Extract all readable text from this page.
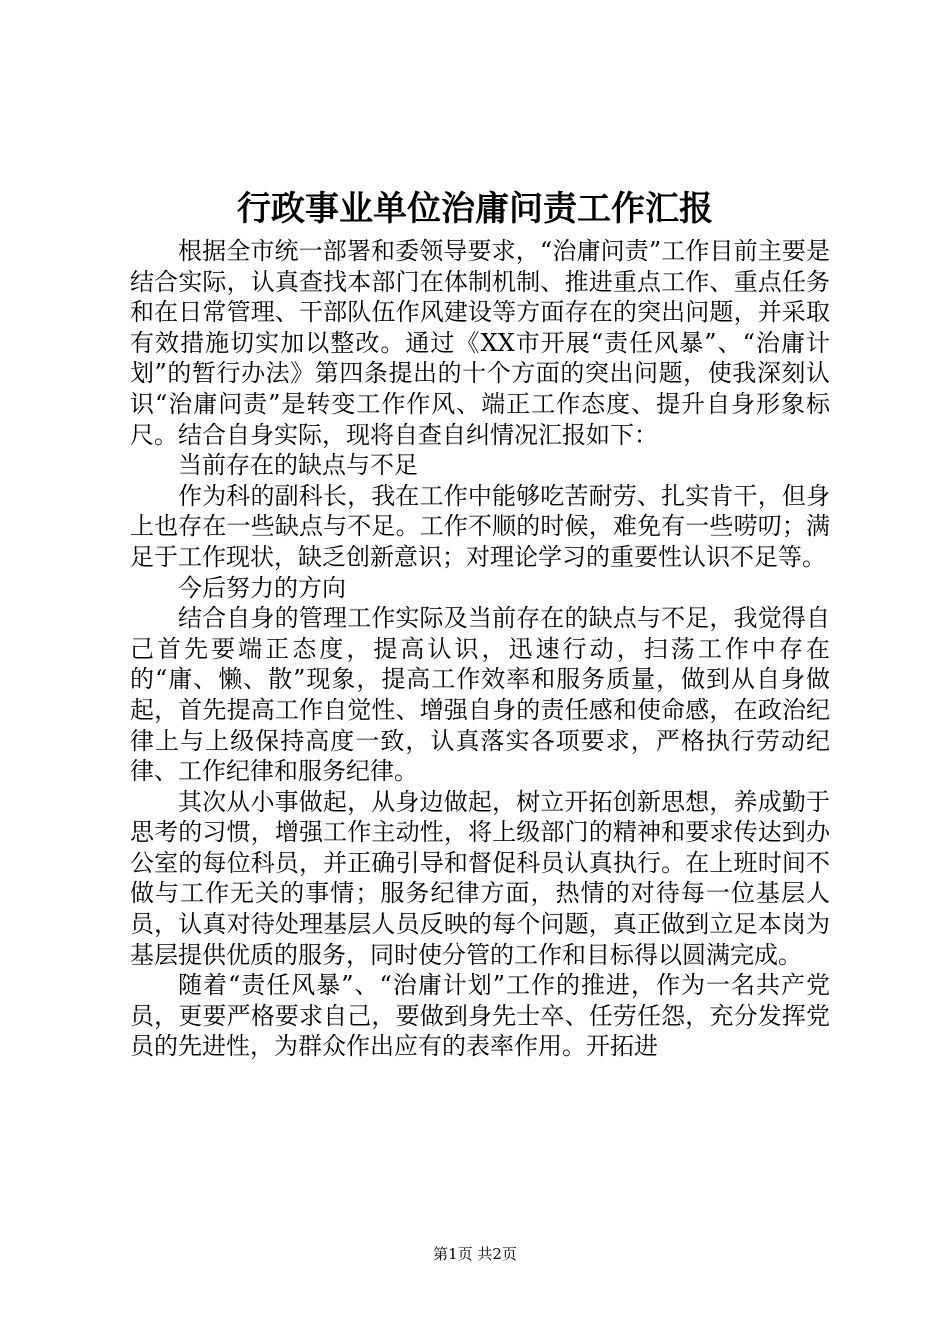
行政事业单位治庸问责工作汇报

根据全市统一部署和委领导要求，“治庸问责”工作目前主要是结合实际，认真查找本部门在体制机制、推进重点工作、重点任务和在日常管理、干部队伍作风建设等方面存在的突出问题，并采取有效措施切实加以整改。通过《XX市开展“责任风暴”、“治庸计划”的暂行办法》第四条提出的十个方面的突出问题，使我深刻认识“治庸问责”是转变工作作风、端正工作态度、提升自身形象标尺。结合自身实际，现将自查自纠情况汇报如下：

当前存在的缺点与不足

作为科的副科长，我在工作中能够吃苦耐劳、扎实肯干，但身上也存在一些缺点与不足。工作不顺的时候，难免有一些唠叨；满足于工作现状，缺乏创新意识；对理论学习的重要性认识不足等。

今后努力的方向

结合自身的管理工作实际及当前存在的缺点与不足，我觉得自己首先要端正态度，提高认识，迅速行动，扫荡工作中存在的“庸、懒、散”现象，提高工作效率和服务质量，做到从自身做起，首先提高工作自觉性、增强自身的责任感和使命感，在政治纪律上与上级保持高度一致，认真落实各项要求，严格执行劳动纪律、工作纪律和服务纪律。

其次从小事做起，从身边做起，树立开拓创新思想，养成勤于思考的习惯，增强工作主动性，将上级部门的精神和要求传达到办公室的每位科员，并正确引导和督促科员认真执行。在上班时间不做与工作无关的事情；服务纪律方面，热情的对待每一位基层人员，认真对待处理基层人员反映的每个问题，真正做到立足本岗为基层提供优质的服务，同时使分管的工作和目标得以圆满完成。

随着“责任风暴”、“治庸计划”工作的推进，作为一名共产党员，更要严格要求自己，要做到身先士卒、任劳任怨，充分发挥党员的先进性，为群众作出应有的表率作用。开拓进

第1页 共2页
